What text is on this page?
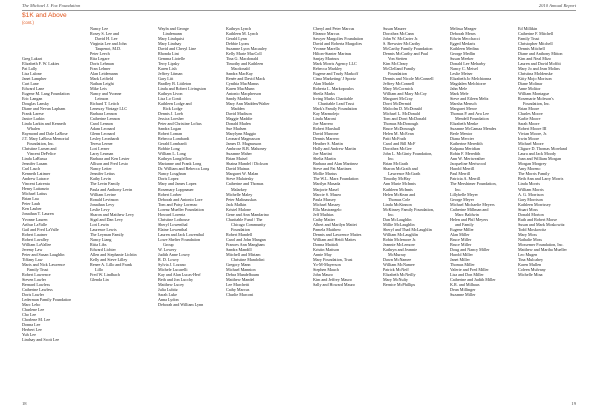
The Michael J. Fox Foundation	2010 Annual Report
$1K and Above
(cont.)
Greg Lakart
Elizabeth F. W. Lakies
Pat Lally
Lisa Lalone
Janet Lampher
Curt Lane
Edward Lane
Eugene M. Lang Foundation
Eric Langan
Douglas Lansky
Diane and Nevan Lapham
Frank Larese
Janice Larkin
Linda Larkin and Kenneth
Whalen
Raymond and Dale LaRose
J.T. Mary LaRosa Memorial
Foundation, Inc.
Christine Larsen and
Vincent DeFelice
Linda LaRussa
Jennifer Lasam
Carl Lasch
Kenneth Latimer
Andrew Latrace
Vincent Latrenta
Henry Lattanzio
Michael Lattus
Brian Lau
Peter Laub
Ken Lauber
Jonathan T. Lauren
Yvonne Lauren
Arthur LaValle
Gail and Fred LaValle
Robert Lautner
Robert Lavalley
William LaVallee
Jeremy Law
Peter and Susan Laughlin
Tiffany Law
Maris and Nick Lawrence
Family Trust
Robert Lawrence
Steven Lawler
Bernard Lawless
Catherine Lawless
Doris Lawler
Lederman Family Foundation
Marc Lebo
Charlene Lee
Cho Lee
Chorlene M. Lee
Donna Lee
Herbert Lee
Yuh Lee
Lindsay and Scott Lee
Nancy Lee
Rosey S. Lee and
David H. Lee
Virginia Lee and John
Taupenot, M.D.
Peter Leech
Rita Legare
Doris Lehman
Fran Lehner
Alan Leidemann
Mark Leifield
Nathan Leight
Mike Leis
Nancy and Yvonne
Leinson
Richard T. Leitch
Leneuxy Vintage LLC
Barbara Lennon
Catherine Lennon
Carol Lennon
Adam Leonard
Glenn Leonard
Lesley Leonhardt
Teresa Lerner
Lori Lerner
Larry Lesman
Barbara and Ken Lester
Allison and Fred Lesto
Nancy Letter
Jennifer Lettus
Kathy Levin
The Levin Family
Paula and Anthony Levin
William Levine
Ronald Levinson
Jonathan Levy
Leslie Levy
Sharon and Matthew Levy
Sigal and Dan Levy
Lori Lewin
Laurence Lewis
The Leyman Family
Nancy Liang
Ritta Libs
Edward Lichter
Allen and Stephanie Lichtin
Kelly and Steve Lilley
Renee A. Lillo and Frank
Lillo
Fred W. Lindbach
Glenda Lin
Wayln and George
Lindemann
Mary Lindquist
Mary Lindsay
David and Cheryl Line
Rhonda Lint
Gemma Liotelle
Terry Lipsky
Karen Lish
Jeffrey Litman
Gary Litt
Bradley B. Littleton
Linda and Robert Livingston
Kathryn Livon
Lisa Lo Conti
Kathleen Lodge and
Rick Lodge
Dennis J. Loeb
Jessica Loesher
Peter and Christine Loftus
Sandra Logan
Robert Loman
Rebecca Lombardi
Gerald Lombardi
Bobbie Long
William L. Long
Kathryn Longfellow
Marianne and Frank Long
Dr. William and Rebecca Long
Nancy Loughran
Doris Lopez
Mary and James Lopez
Rosemary Loppnauer
Robert Lorber
Deborah and Antonio Lore
Tom and Patsy Lorenzo
Lorenz Mueller Foundation
Howard Lorentz
Christine Lothouse
Sheryl Lowenthal
Elaine Lowenthal
Lauren and Jack Lowenthal
Lowe Shelter Foundation
Group
W. Lowery
Judith Anne Lowry
R. D. Lowry
Sylvia J. Lozano
Michele Lucarelli
Kay and Alan Lucas-Herf
Beth and Jon Lucchy
Matthew Lucey
Julia Lubitz
Sarah Luke
Anna Lydon
Deborah and William Lynn
Kathryn Lynch
Kathleen M. Lynch
Gerald Lynn
Debbie Lyons
Suzanne Lyon Macauley
Kelly Marie MacColl
Tina G. Macdonald
Timothy and Kathleen
Macdonald
Sandra MacKay
Renée and David Mack
Cynthia MacManus
Karen MacMunn
Antonio Macpherson
Sandy Maddox
Mary Ann Madden/Walter
Madden
David Madison
Maggie Maddie
Donald Maden
Sue Madsen
Marylynn Maggio
Leonard Magnusson
James D. Magnusson
Ambrose R.B. Mahoney
Suzanne Maher
Brian Maisel
Shaina Mandel / Dickson
David Mainas
Margaret W. Malan
Steve Malatesky
Catherine and Thomas
Malarkey
Michelle Maley
Peter Malinauskas
Jack Malkin
Kristel Malone
Gene and Ann Mandarino
Charitable Fund / The
Chicago Community
Foundation
Robert Mandell
Carol and John Mangan
Frances Ann Mangham
Sandra Mandill
Mitchell and Miriam
Christine Mandolini
Gregory Mann
Michael Mannion
Debra Mandelbaum
Matthew Mandel
Lee Marchetti
Cathy Marcus
Charlie Marconi
Cheryl and Peter Marcus
Eleanor Marcus
Sawyer Margolies Foundation
David and Roberta Margolies
Yvonne Marella
Hilton-Stanter Marinas
Sanjay Marinos
Mark Morris Agency LLC
Rebecca Markley
Eugene and Trudy Markoff
Cima Marketing/ J Sportz
Alan Markle
Roberta L. Markopoulos
Sheila Marks
Irving Marks Charitable
Charitable Lead Trust
Mark's Family Foundation
Kay Marmolejo
Linda Maroni
Joe Marrero
Robert Marshall
David Marrone
Dennis Marrero
Heather S. Martin
Holly and Andrew Martin
Joe Martini
Shelia Martin
Barbara and Alan Martinez
Steve and Pat Martinez
Mollie Martus
The W.L. Marx Foundation
Marilyn Masada
Marjorie Masel
Marcie S. Maseo
Paula Massey
Michael Massey
Ella Mastrangelo
Jeff Mathias
Cathy Matier
Albert and Marilyn Mattei
Pamela Matthew
Dennis and Lawrence Mattes
William and Heidi Mattes
Donna Mattioli
Kristin Mattson
Annie May
Mary Foundation, Trust
Yo-M-Mayerson
Stephen Mauch
John Mauro
Kim and Jeffrey Mauro
Sally and Howard Mauro
Susan Maurer
Dorothea McCann
John W. McCarter Jr.
S. Brewster McCarthy
McCarthy Family Foundation
Dennis McCarthy and Paul
Von Stetten
Kim McCleary
McClelland Family
Foundation
Dennis and Nicole McConnell
Jeffrey McConnell
Mary McCormick
William and Mary McCoy
Margaret McCray
Dorri McDermid
Malcolm D. McDonald
Michael L. McDonald
Tom and Dorri McDonald
Thomas McDonough
Bruce McDonough
Helen M. McEvan
Patti McFrath
Carol and Bill McF
Dorothea McGee
John L. McGinty Foundation,
Inc.
Brian McGrath
Sharon McGrath and
Lawrence McGrath
Timothy McHay
Ann Marie McInnis
Kathleen McInnis
Helen McKean and
Thomas Cole
Linda McKinnon
McKinsey Family Foundation,
Inc.
Dan McLaughlin
Millie McLaughlin
Sheryl and Thad McLaughlin
William McLaughlin
Robin Mclemore Jr.
Jeannie McLemore
Kathryn and Jeannie
McMurray
Dawn McNamee
William McNamee
Patrick McNeff
Elizabeth McNeilly
Mary McNulty
Bernice McPhillips
Melissa Meager
Deborah Mears
Edwin Mecchacci
Egged Medaris
Kathleen Medina
George Medlin
Susan Meeker
Donald Lee Meharby
Nancy C. Meisel
Leslie Meiser
Elizabeth Jo Melchionna
Magdalen Melchiorre
Jahn Mele
Mark Mele
Steve and Eileen Meltz
Marsha Mensch
Margaret Meroe
Thomas P. and Ava Lee
Mendell Foundation
Elizabeth Menke
Suzanne McCamaa Mendes
Berle Mentor
Diana Mercier
Katherine Meredith
Kalpana Meridian
Robin F. Meredith
Ann W. Meriweather
Jacqueline Meriwood
Harold Merrill
Paul Merrill
Patricia A. Merrill
The Mershimer Foundation,
Inc.
Lillybelle Meyer
George Meyer
Michael Michaelie Meyers
Catherine Millman and
Marc Baldwin
Helen and Phil Meyers
and Family
Eugene Miller
Alan Miller
Bruce Miller
Bruce Miller
Doug and Nancy Miller
Harold Miller
Janet Miller
Thomas Miller
Valerie and Fred Miller
Lisa and Don Miller
Catherine and Judith Miller
K.R. and Milhaus
Dean Millinger
Suzanne Miller
Ed Millikin
Catherine F. Mitchell
Family Trust
Christopher Mitchell
Dennis Mitchell
Diane and Anthony Mitton
Kim and Neal Mizo
Lauren and David Moffitt
Mary Jo and Jean Molins
Christina Moldenske
Kitty Mojo Morison
Diane Molinar
Anne Molitor
William Montague
Rosemarie Moleson's
Foundation, Inc.
Brian Moore
Charles Moore
Karlie Moore
Sarah Moore
Robert Moore III
Vivian Moore, Jr.
Irwin Moore
Michael Moore
Cligure D. Thomas Moreland
Laura and Jack Moody
Joan and William Morgan
Morgan Morgrey
Amy Moreno
The Morris Family
Beth Ann and Larry Morris
Linda Morris
William Morris
A. G. Morrison
Gary Morrison
Kathleen Morrissey
Stuart Moss
Donald Morton
Ruth and Robert Morse
Susan and Mark Moskowitz
Todd Moskowitz
Mary Moss
Nathalie Moss
Mossemer Foundation, Inc.
Matthew and Martha Mueller
Leo Mugen
Tina Mulcahey
Karen Mullen
Coleen Mulvany
Michelle Mina
18	19
